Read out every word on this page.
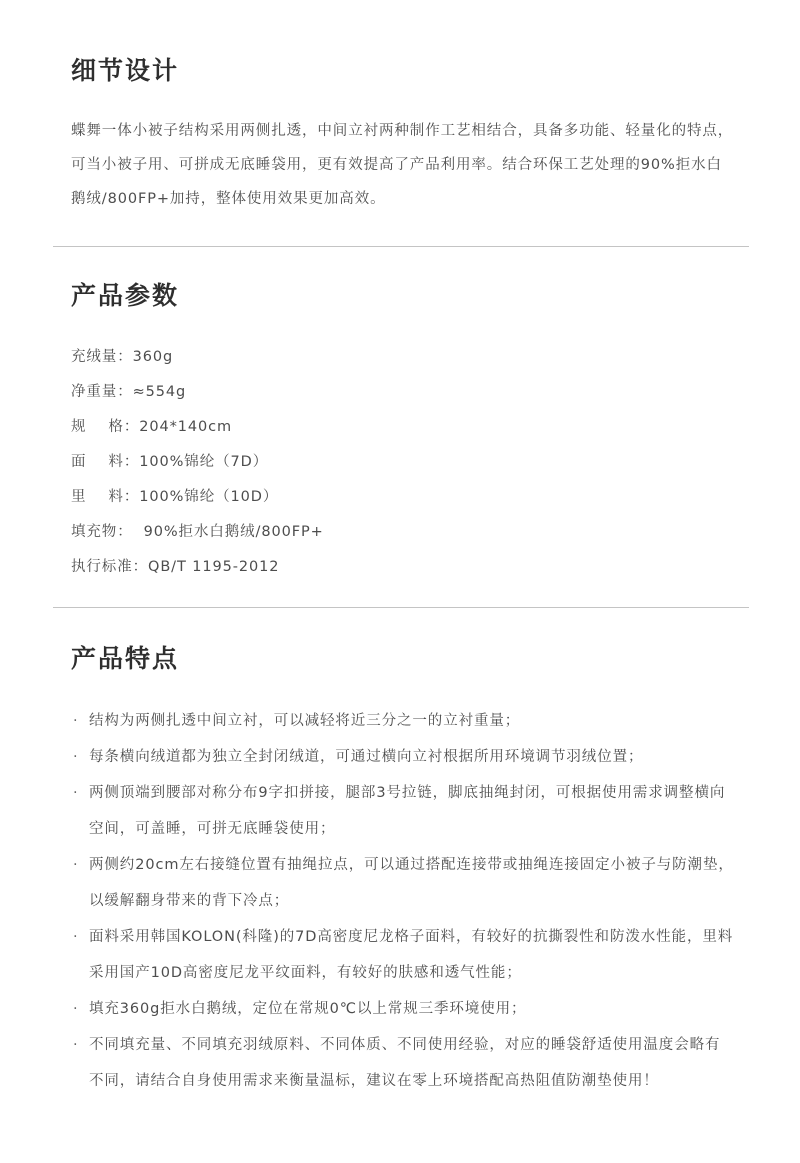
细节设计

蝶舞一体小被子结构采用两侧扎透，中间立衬两种制作工艺相结合，具备多功能、轻量化的特点，可当小被子用、可拼成无底睡袋用，更有效提高了产品利用率。结合环保工艺处理的90%拒水白鹅绒/800FP+加持，整体使用效果更加高效。

产品参数
充绒量：360g
净重量：≈554g
规    格：204*140cm
面    料：100%锦纶（7D）
里    料：100%锦纶（10D）
填充物：  90%拒水白鹅绒/800FP+
执行标准：QB/T 1195-2012
产品特点
· 结构为两侧扎透中间立衬，可以减轻将近三分之一的立衬重量；
· 每条横向绒道都为独立全封闭绒道，可通过横向立衬根据所用环境调节羽绒位置；
· 两侧顶端到腰部对称分布9字扣拼接，腿部3号拉链，脚底抽绳封闭，可根据使用需求调整横向空间，可盖睡，可拼无底睡袋使用；
· 两侧约20cm左右接缝位置有抽绳拉点，可以通过搭配连接带或抽绳连接固定小被子与防潮垫，以缓解翻身带来的背下冷点；
· 面料采用韩国KOLON(科隆)的7D高密度尼龙格子面料，有较好的抗撕裂性和防泼水性能，里料采用国产10D高密度尼龙平纹面料，有较好的肤感和透气性能；
· 填充360g拒水白鹅绒，定位在常规0℃以上常规三季环境使用；
· 不同填充量、不同填充羽绒原料、不同体质、不同使用经验，对应的睡袋舒适使用温度会略有不同，请结合自身使用需求来衡量温标，建议在零上环境搭配高热阻值防潮垫使用！
